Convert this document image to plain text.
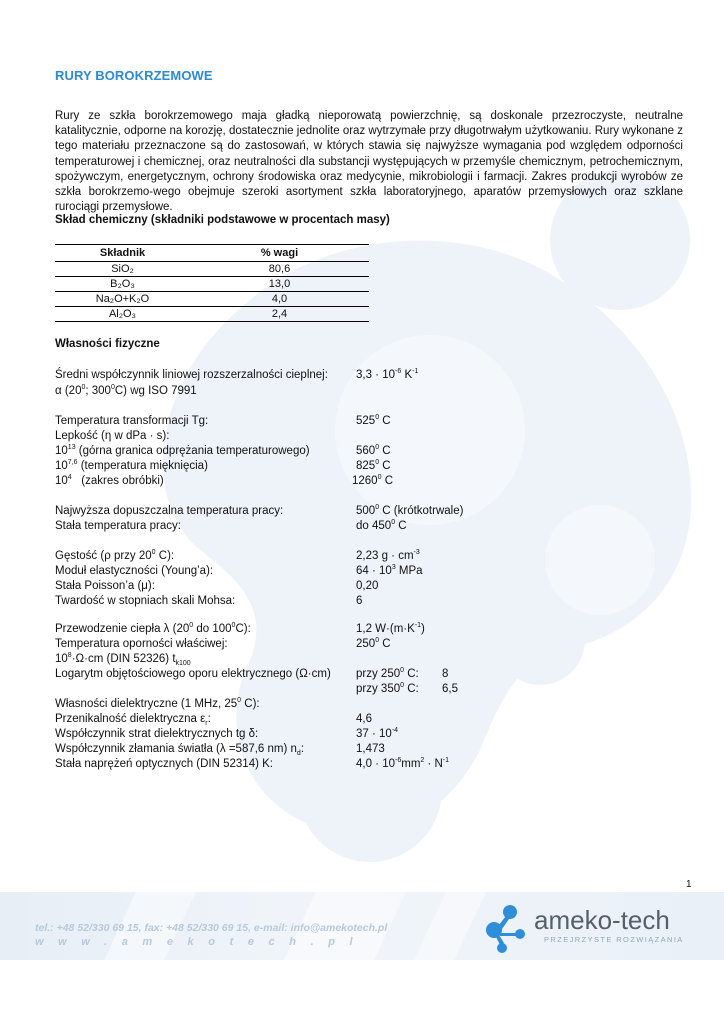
RURY BOROKRZEMOWE

Rury ze szkła borokrzemowego maja gładką nieporowatą powierzchnię, są doskonale przezroczyste, neutralne katalitycznie, odporne na korozję, dostatecznie jednolite oraz wytrzymałe przy długotrwałym użytkowaniu. Rury wykonane z tego materiału przeznaczone są do zastosowań, w których stawia się najwyższe wymagania pod względem odporności temperaturowej i chemicznej, oraz neutralności dla substancji występujących w przemyśle chemicznym, petrochemicznym, spożywczym, energetycznym, ochrony środowiska oraz medycynie, mikrobiologii i farmacji. Zakres produkcji wyrobów ze szkła borokrzemo-wego obejmuje szeroki asortyment szkła laboratoryjnego, aparatów przemysłowych oraz szklane rurociągi przemysłowe.

Skład chemiczny (składniki podstawowe w procentach masy)

Składnik	% wagi
SiO₂	80,6
B₂O₃	13,0
Na₂O+K₂O	4,0
Al₂O₃	2,4

Własności fizyczne

Średni współczynnik liniowej rozszerzalności cieplnej: $3,3 \cdot 10^{-6}$ $K^{-1}$
α ($20^0$; $300^0C$) wg ISO 7991
Temperatura transformacji Tg:	$525^0$ C
Lepkość (η w dPa · s):
$10^{13}$ (górna granica odprężania temperaturowego)	$560^0$ C
10$^{7,6}$ (temperatura mięknięcia)	$825^0$ C
$10^4$   (zakres obróbki)	1260$^0$ C
Najwyższa dopuszczalna temperatura pracy:	$500^0$ C (krótkotrwale)
Stała temperatura pracy:	do $450^0$ C
Gęstość (ρ przy $20^0$ C):	2,23 $g \cdot cm^{-3}$
Moduł elastyczności (Young’a):	$64 \cdot 10^3$ MPa
Stała Poisson’a (μ):	0,20
Twardość w stopniach skali Mohsa:	6
Przewodzenie ciepła λ ($20^0$ do $100^0C$):	1,2 $W\cdot(m\cdot K^{-1})$
Temperatura oporności właściwej:	$250^0$ C
$10^8\cdot\Omega\cdot cm$ (DIN 52326) $t_{k100}$
Logarytm objętościowego oporu elektrycznego (Ω·cm) przy $250^0$ C: 8
przy $350^0$ C: 6,5
Własności dielektryczne (1 MHz, $25^0$ C):
Przenikalność dielektryczna $\varepsilon_r$:	4,6
Współczynnik strat dielektrycznych tg δ:	$37 \cdot 10^{-4}$
Współczynnik złamania światła (λ =587,6 nm) $n_d$:	1,473
Stała naprężeń optycznych (DIN 52314) K:	$4,0 \cdot 10^{-6}mm^2 \cdot N^{-1}$
1
tel.: +48 52/330 69 15, fax: +48 52/330 69 15, e-mail: info@amekotech.pl
www.amekotech.pl
ameko-tech
PRZEJRZYSTE ROZWIĄZANIA
